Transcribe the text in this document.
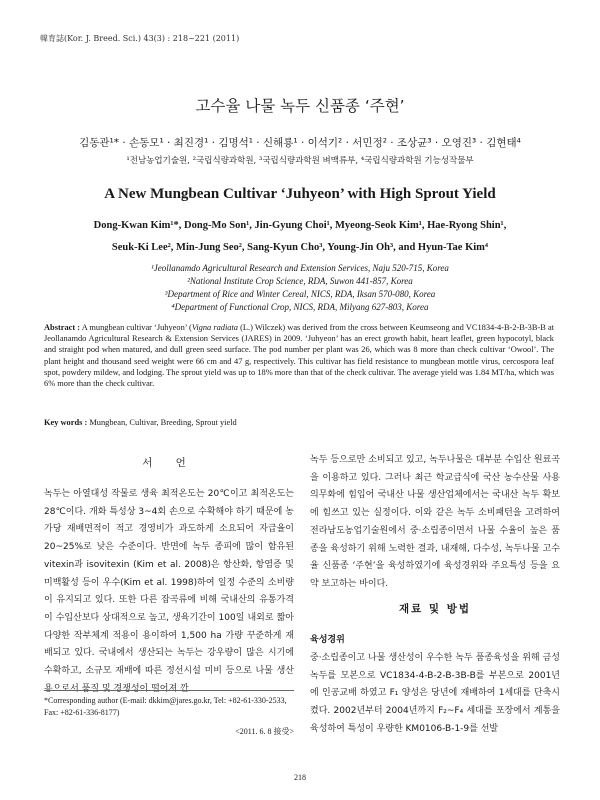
韓育誌(Kor. J. Breed. Sci.) 43(3) : 218~221 (2011)
고수율 나물 녹두 신품종 ‘주현’
김동관¹* · 손동모¹ · 최진경¹ · 김명석¹ · 신해룡¹ · 이석기² · 서민정² · 조상균³ · 오영진³ · 김현태⁴
¹전남농업기술원, ²국립식량과학원, ³국립식량과학원 벼맥류부, ⁴국립식량과학원 기능성작물부
A New Mungbean Cultivar ‘Juhyeon’ with High Sprout Yield
Dong-Kwan Kim¹*, Dong-Mo Son¹, Jin-Gyung Choi¹, Myeong-Seok Kim¹, Hae-Ryong Shin¹,
Seuk-Ki Lee², Min-Jung Seo², Sang-Kyun Cho³, Young-Jin Oh³, and Hyun-Tae Kim⁴
¹Jeollanamdo Agricultural Research and Extension Services, Naju 520-715, Korea
²National Institute Crop Science, RDA, Suwon 441-857, Korea
³Department of Rice and Winter Cereal, NICS, RDA, Iksan 570-080, Korea
⁴Department of Functional Crop, NICS, RDA, Milyang 627-803, Korea
Abstract : A mungbean cultivar ‘Juhyeon’ (Vigna radiata (L.) Wilczek) was derived from the cross between Keumseong and VC1834-4-B-2-B-3B-B at Jeollanamdo Agricultural Research & Extension Services (JARES) in 2009. ‘Juhyeon’ has an erect growth habit, heart leaflet, green hypocotyl, black and straight pod when matured, and dull green seed surface. The pod number per plant was 26, which was 8 more than check cultivar ‘Owool’. The plant height and thousand seed weight were 66 cm and 47 g, respectively. This cultivar has field resistance to mungbean mottle virus, cercospora leaf spot, powdery mildew, and lodging. The sprout yield was up to 18% more than that of the check cultivar. The average yield was 1.84 MT/ha, which was 6% more than the check cultivar.
Key words : Mungbean, Cultivar, Breeding, Sprout yield
서 언

녹두는 아열대성 작물로 생육 최적온도는 20℃이고 최적온도는 28℃이다. 개화 특성상 3~4회 손으로 수확해야 하기 때문에 농가당 재배면적이 적고 경영비가 과도하게 소요되어 자급율이 20~25%로 낮은 수준이다. 반면에 녹두 종피에 많이 함유된 vitexin과 isovitexin (Kim et al. 2008)은 항산화, 항염증 및 미백활성 등이 우수(Kim et al. 1998)하여 일정 수준의 소비량이 유지되고 있다. 또한 다른 잡곡류에 비해 국내산의 유통가격이 수입산보다 상대적으로 높고, 생육기간이 100일 내외로 짧아 다양한 작부체계 적용이 용이하여 1,500 ha 가량 꾸준하게 재배되고 있다. 국내에서 생산되는 녹두는 강우량이 많은 시기에 수확하고, 소규모 재배에 따른 정선시설 미비 등으로 나물 생산용으로서 품질 및 경쟁성이 떨어져 깐

녹두 등으로만 소비되고 있고, 녹두나물은 대부분 수입산 원료곡을 이용하고 있다. 그러나 최근 학교급식에 국산 농수산물 사용 의무화에 힘입어 국내산 나물 생산업체에서는 국내산 녹두 확보에 힘쓰고 있는 실정이다. 이와 같은 녹두 소비패턴을 고려하여 전라남도농업기술원에서 중·소립종이면서 나물 수율이 높은 품종을 육성하기 위해 노력한 결과, 내재해, 다수성, 녹두나물 고수율 신품종 ‘주현’을 육성하였기에 육성경위와 주요특성 등을 요약 보고하는 바이다.

재료 및 방법
육성경위

중·소립종이고 나물 생산성이 우수한 녹두 품종육성을 위해 금성녹두를 모본으로 VC1834-4-B-2-B-3B-B를 부본으로 2001년에 인공교배 하였고 F₁ 양성은 당년에 재배하여 1세대를 단축시켰다. 2002년부터 2004년까지 F₂~F₄ 세대를 포장에서 계통을 육성하여 특성이 우량한 KM0106-B-1-9를 선발

*Corresponding author (E-mail: dkkim@jares.go.kr, Tel: +82-61-330-2533, Fax: +82-61-336-8177)
<2011. 6. 8 接受>
218
